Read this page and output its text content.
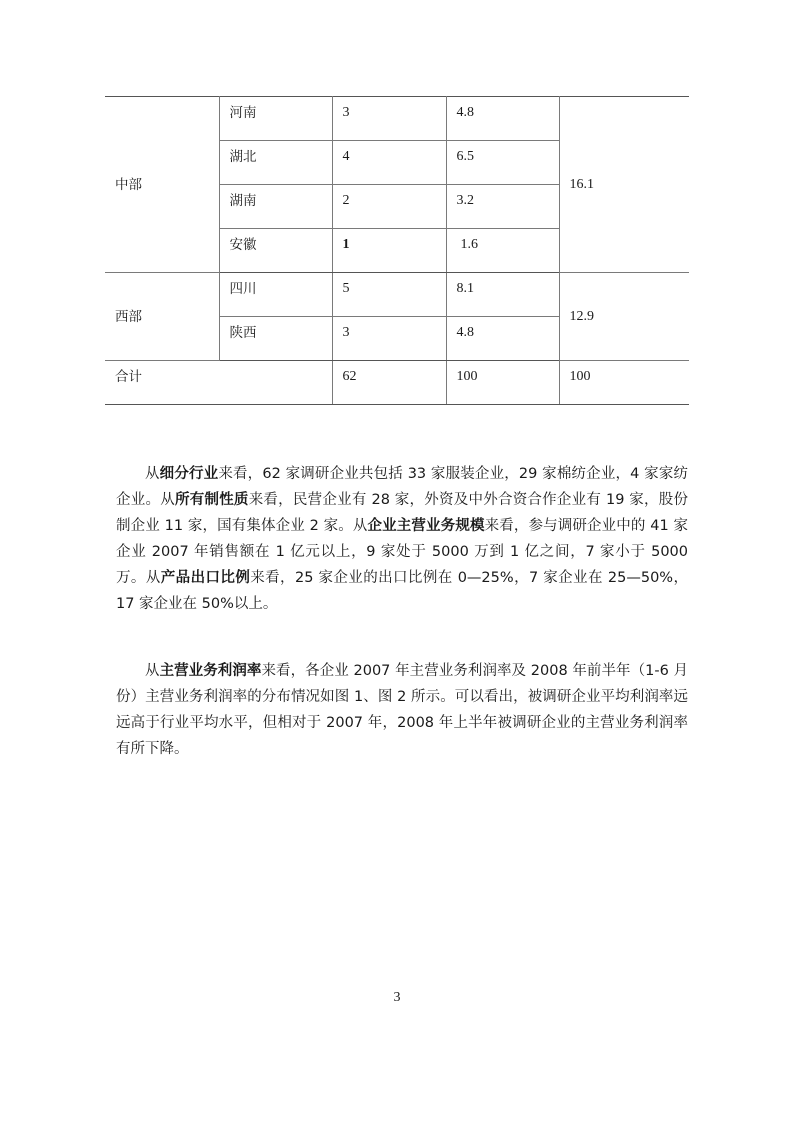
中部	河南	3	4.8	16.1
	湖北	4	6.5	
	湖南	2	3.2	
	安徽	1	1.6	
西部	四川	5	8.1	12.9
	陕西	3	4.8	
合计		62	100	100

从细分行业来看，62 家调研企业共包括 33 家服装企业，29 家棉纺企业，4 家家纺企业。从所有制性质来看，民营企业有 28 家，外资及中外合资合作企业有 19 家，股份制企业 11 家，国有集体企业 2 家。从企业主营业务规模来看，参与调研企业中的 41 家企业 2007 年销售额在 1 亿元以上，9 家处于 5000 万到 1 亿之间，7 家小于 5000 万。从产品出口比例来看，25 家企业的出口比例在 0—25%，7 家企业在 25—50%，17 家企业在 50%以上。

从主营业务利润率来看，各企业 2007 年主营业务利润率及 2008 年前半年（1-6 月份）主营业务利润率的分布情况如图 1、图 2 所示。可以看出，被调研企业平均利润率远远高于行业平均水平，但相对于 2007 年，2008 年上半年被调研企业的主营业务利润率有所下降。

3
